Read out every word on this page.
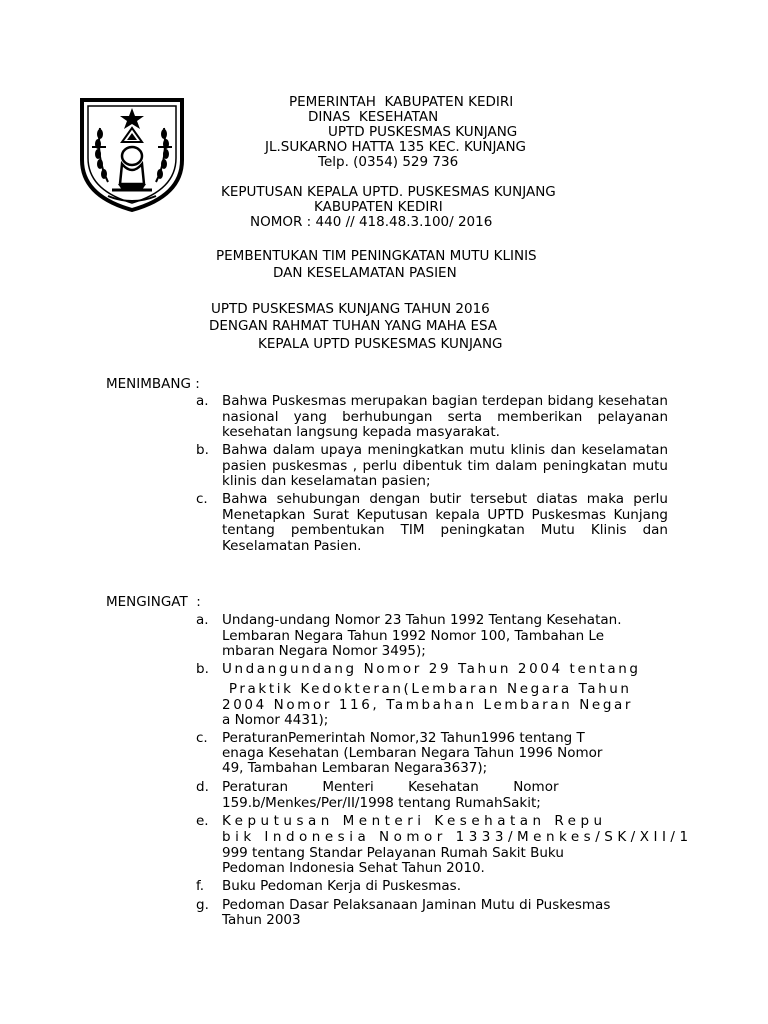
PEMERINTAH  KABUPATEN KEDIRI
DINAS  KESEHATAN
UPTD PUSKESMAS KUNJANG
JL.SUKARNO HATTA 135 KEC. KUNJANG
Telp. (0354) 529 736
KEPUTUSAN KEPALA UPTD. PUSKESMAS KUNJANG
KABUPATEN KEDIRI
NOMOR : 440 // 418.48.3.100/ 2016
PEMBENTUKAN TIM PENINGKATAN MUTU KLINIS
DAN KESELAMATAN PASIEN
UPTD PUSKESMAS KUNJANG TAHUN 2016
DENGAN RAHMAT TUHAN YANG MAHA ESA
KEPALA UPTD PUSKESMAS KUNJANG
MENIMBANG :
a. Bahwa Puskesmas merupakan bagian terdepan bidang kesehatan nasional yang berhubungan serta memberikan pelayanan kesehatan langsung kepada masyarakat.
b. Bahwa dalam upaya meningkatkan mutu klinis dan keselamatan pasien puskesmas , perlu dibentuk tim dalam peningkatan mutu klinis dan keselamatan pasien;
c.	Bahwa sehubungan dengan butir tersebut diatas maka perlu Menetapkan Surat Keputusan kepala UPTD Puskesmas Kunjang tentang pembentukan TIM peningkatan Mutu Klinis dan Keselamatan Pasien.
MENGINGAT  :
a. Undang-undang Nomor 23 Tahun 1992 Tentang Kesehatan.
Lembaran Negara Tahun 1992 Nomor 100, Tambahan Le
mbaran Negara Nomor 3495);
b. Undangundang Nomor 29 Tahun 2004 tentang
Praktik Kedokteran(Lembaran Negara Tahun
2004 Nomor 116, Tambahan Lembaran Negar
a Nomor 4431);
c. PeraturanPemerintah Nomor,32 Tahun1996 tentang T
enaga Kesehatan (Lembaran Negara Tahun 1996 Nomor
49, Tambahan Lembaran Negara3637);
d. Peraturan        Menteri        Kesehatan        Nomor
159.b/Menkes/Per/II/1998 tentang RumahSakit;
e. Keputusan Menteri Kesehatan Repu
bik Indonesia Nomor 1333/Menkes/SK/XII/1
999 tentang Standar Pelayanan Rumah Sakit Buku
Pedoman Indonesia Sehat Tahun 2010.
f. Buku Pedoman Kerja di Puskesmas.
g. Pedoman Dasar Pelaksanaan Jaminan Mutu di Puskesmas
Tahun 2003
